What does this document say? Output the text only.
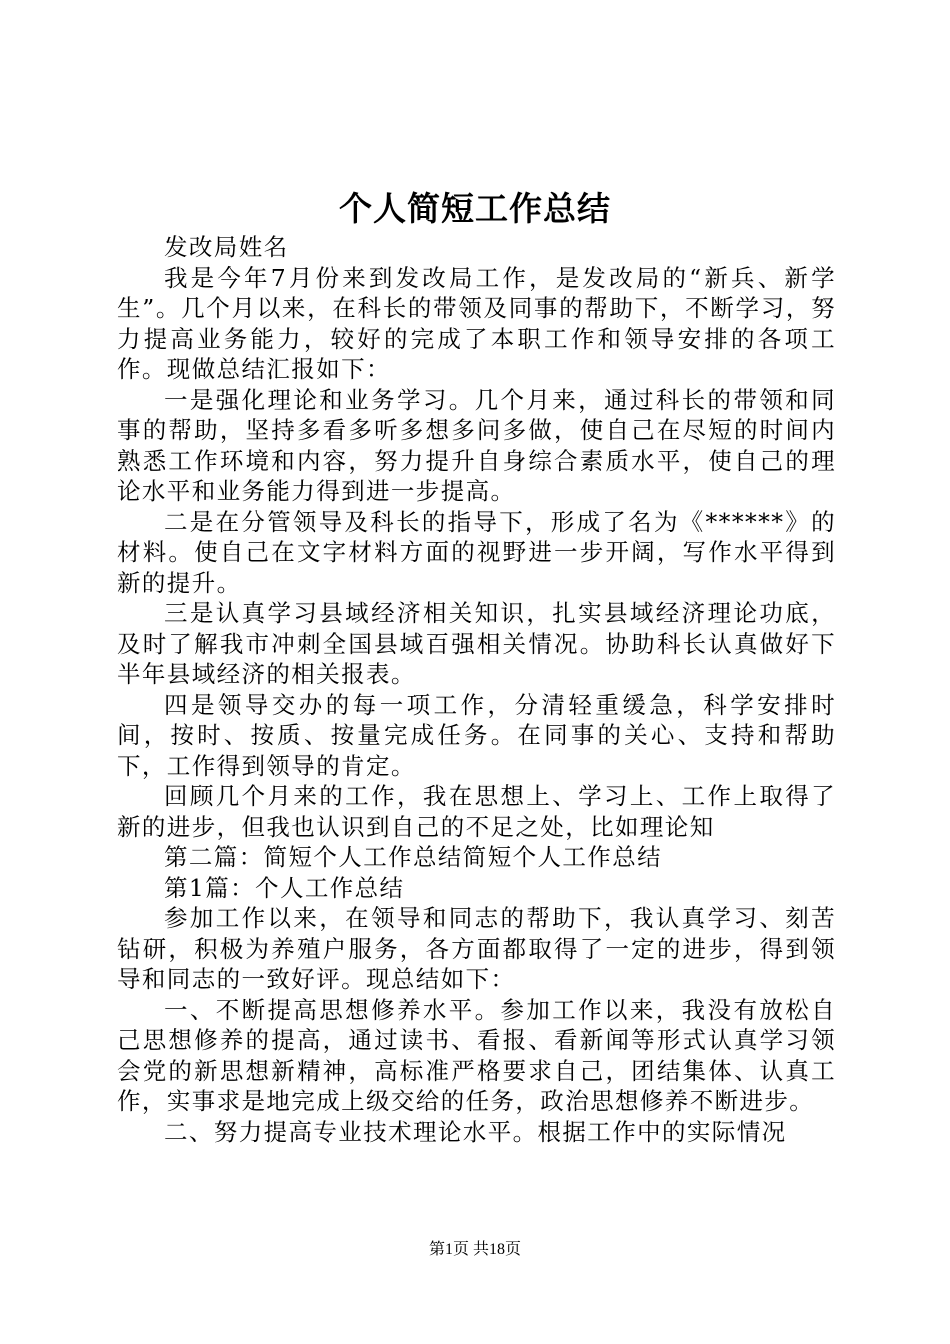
个人简短工作总结

发改局姓名

我是今年7月份来到发改局工作，是发改局的“新兵、新学生”。几个月以来，在科长的带领及同事的帮助下，不断学习，努力提高业务能力，较好的完成了本职工作和领导安排的各项工作。现做总结汇报如下：

一是强化理论和业务学习。几个月来，通过科长的带领和同事的帮助，坚持多看多听多想多问多做，使自己在尽短的时间内熟悉工作环境和内容，努力提升自身综合素质水平，使自己的理论水平和业务能力得到进一步提高。

二是在分管领导及科长的指导下，形成了名为《******》的材料。使自己在文字材料方面的视野进一步开阔，写作水平得到新的提升。

三是认真学习县域经济相关知识，扎实县域经济理论功底，及时了解我市冲刺全国县域百强相关情况。协助科长认真做好下半年县域经济的相关报表。

四是领导交办的每一项工作，分清轻重缓急，科学安排时间，按时、按质、按量完成任务。在同事的关心、支持和帮助下，工作得到领导的肯定。

回顾几个月来的工作，我在思想上、学习上、工作上取得了新的进步，但我也认识到自己的不足之处，比如理论知

第二篇：简短个人工作总结简短个人工作总结

第1篇：个人工作总结

参加工作以来，在领导和同志的帮助下，我认真学习、刻苦钻研，积极为养殖户服务，各方面都取得了一定的进步，得到领导和同志的一致好评。现总结如下：

一、不断提高思想修养水平。参加工作以来，我没有放松自己思想修养的提高，通过读书、看报、看新闻等形式认真学习领会党的新思想新精神，高标准严格要求自己，团结集体、认真工作，实事求是地完成上级交给的任务，政治思想修养不断进步。

二、努力提高专业技术理论水平。根据工作中的实际情况

第1页 共18页
